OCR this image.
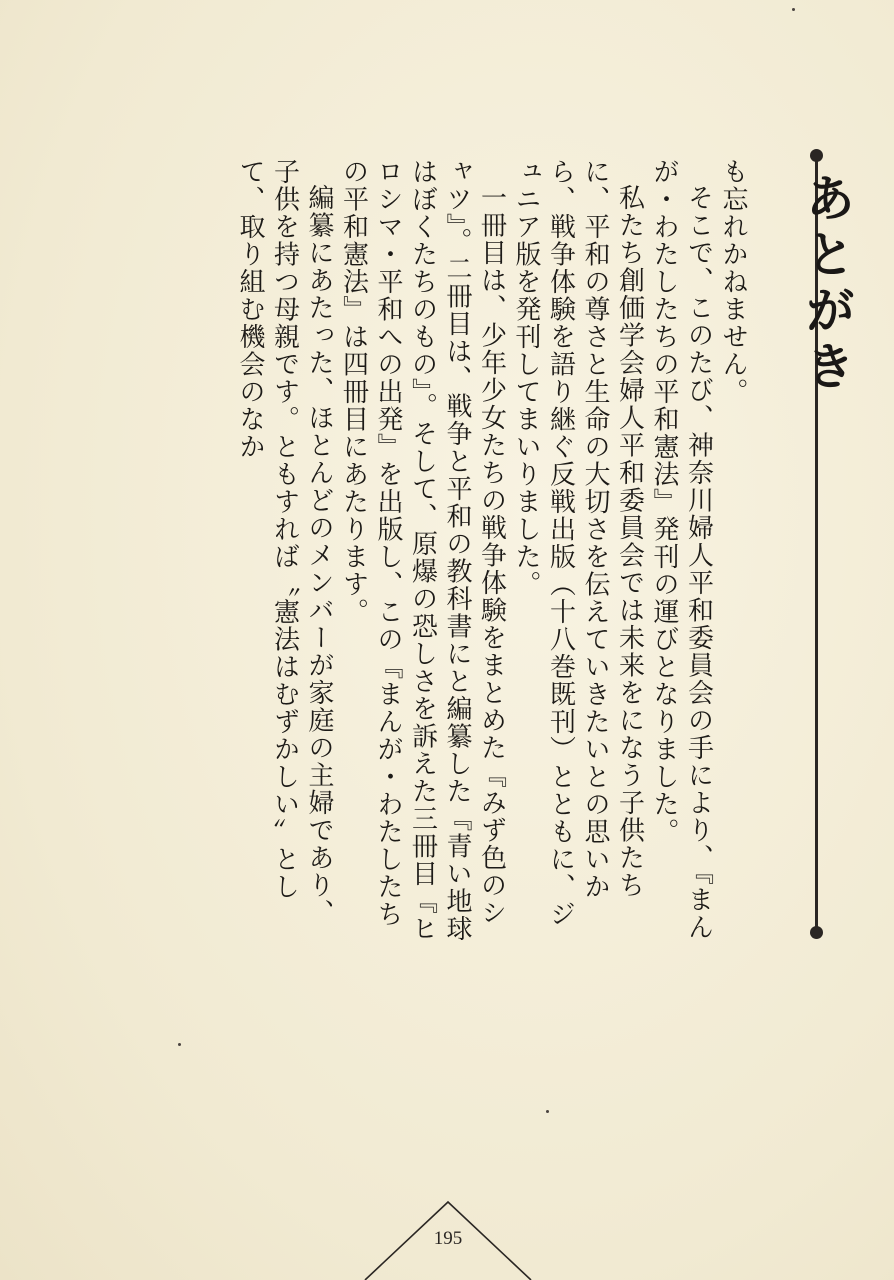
あとがき

も忘れかねません。

そこで、このたび、神奈川婦人平和委員会の手により、『まんが・わたしたちの平和憲法』発刊の運びとなりました。

私たち創価学会婦人平和委員会では未来をになう子供たちに、平和の尊さと生命の大切さを伝えていきたいとの思いから、戦争体験を語り継ぐ反戦出版（十八巻既刊）とともに、ジュニア版を発刊してまいりました。

一冊目は、少年少女たちの戦争体験をまとめた『みず色のシャツ』。二冊目は、戦争と平和の教科書にと編纂した『青い地球はぼくたちのもの』。そして、原爆の恐しさを訴えた三冊目『ヒロシマ・平和への出発』を出版し、この『まんが・わたしたちの平和憲法』は四冊目にあたります。

編纂にあたった、ほとんどのメンバーが家庭の主婦であり、子供を持つ母親です。ともすれば〝憲法はむずかしい〟として、取り組む機会のなか

195
